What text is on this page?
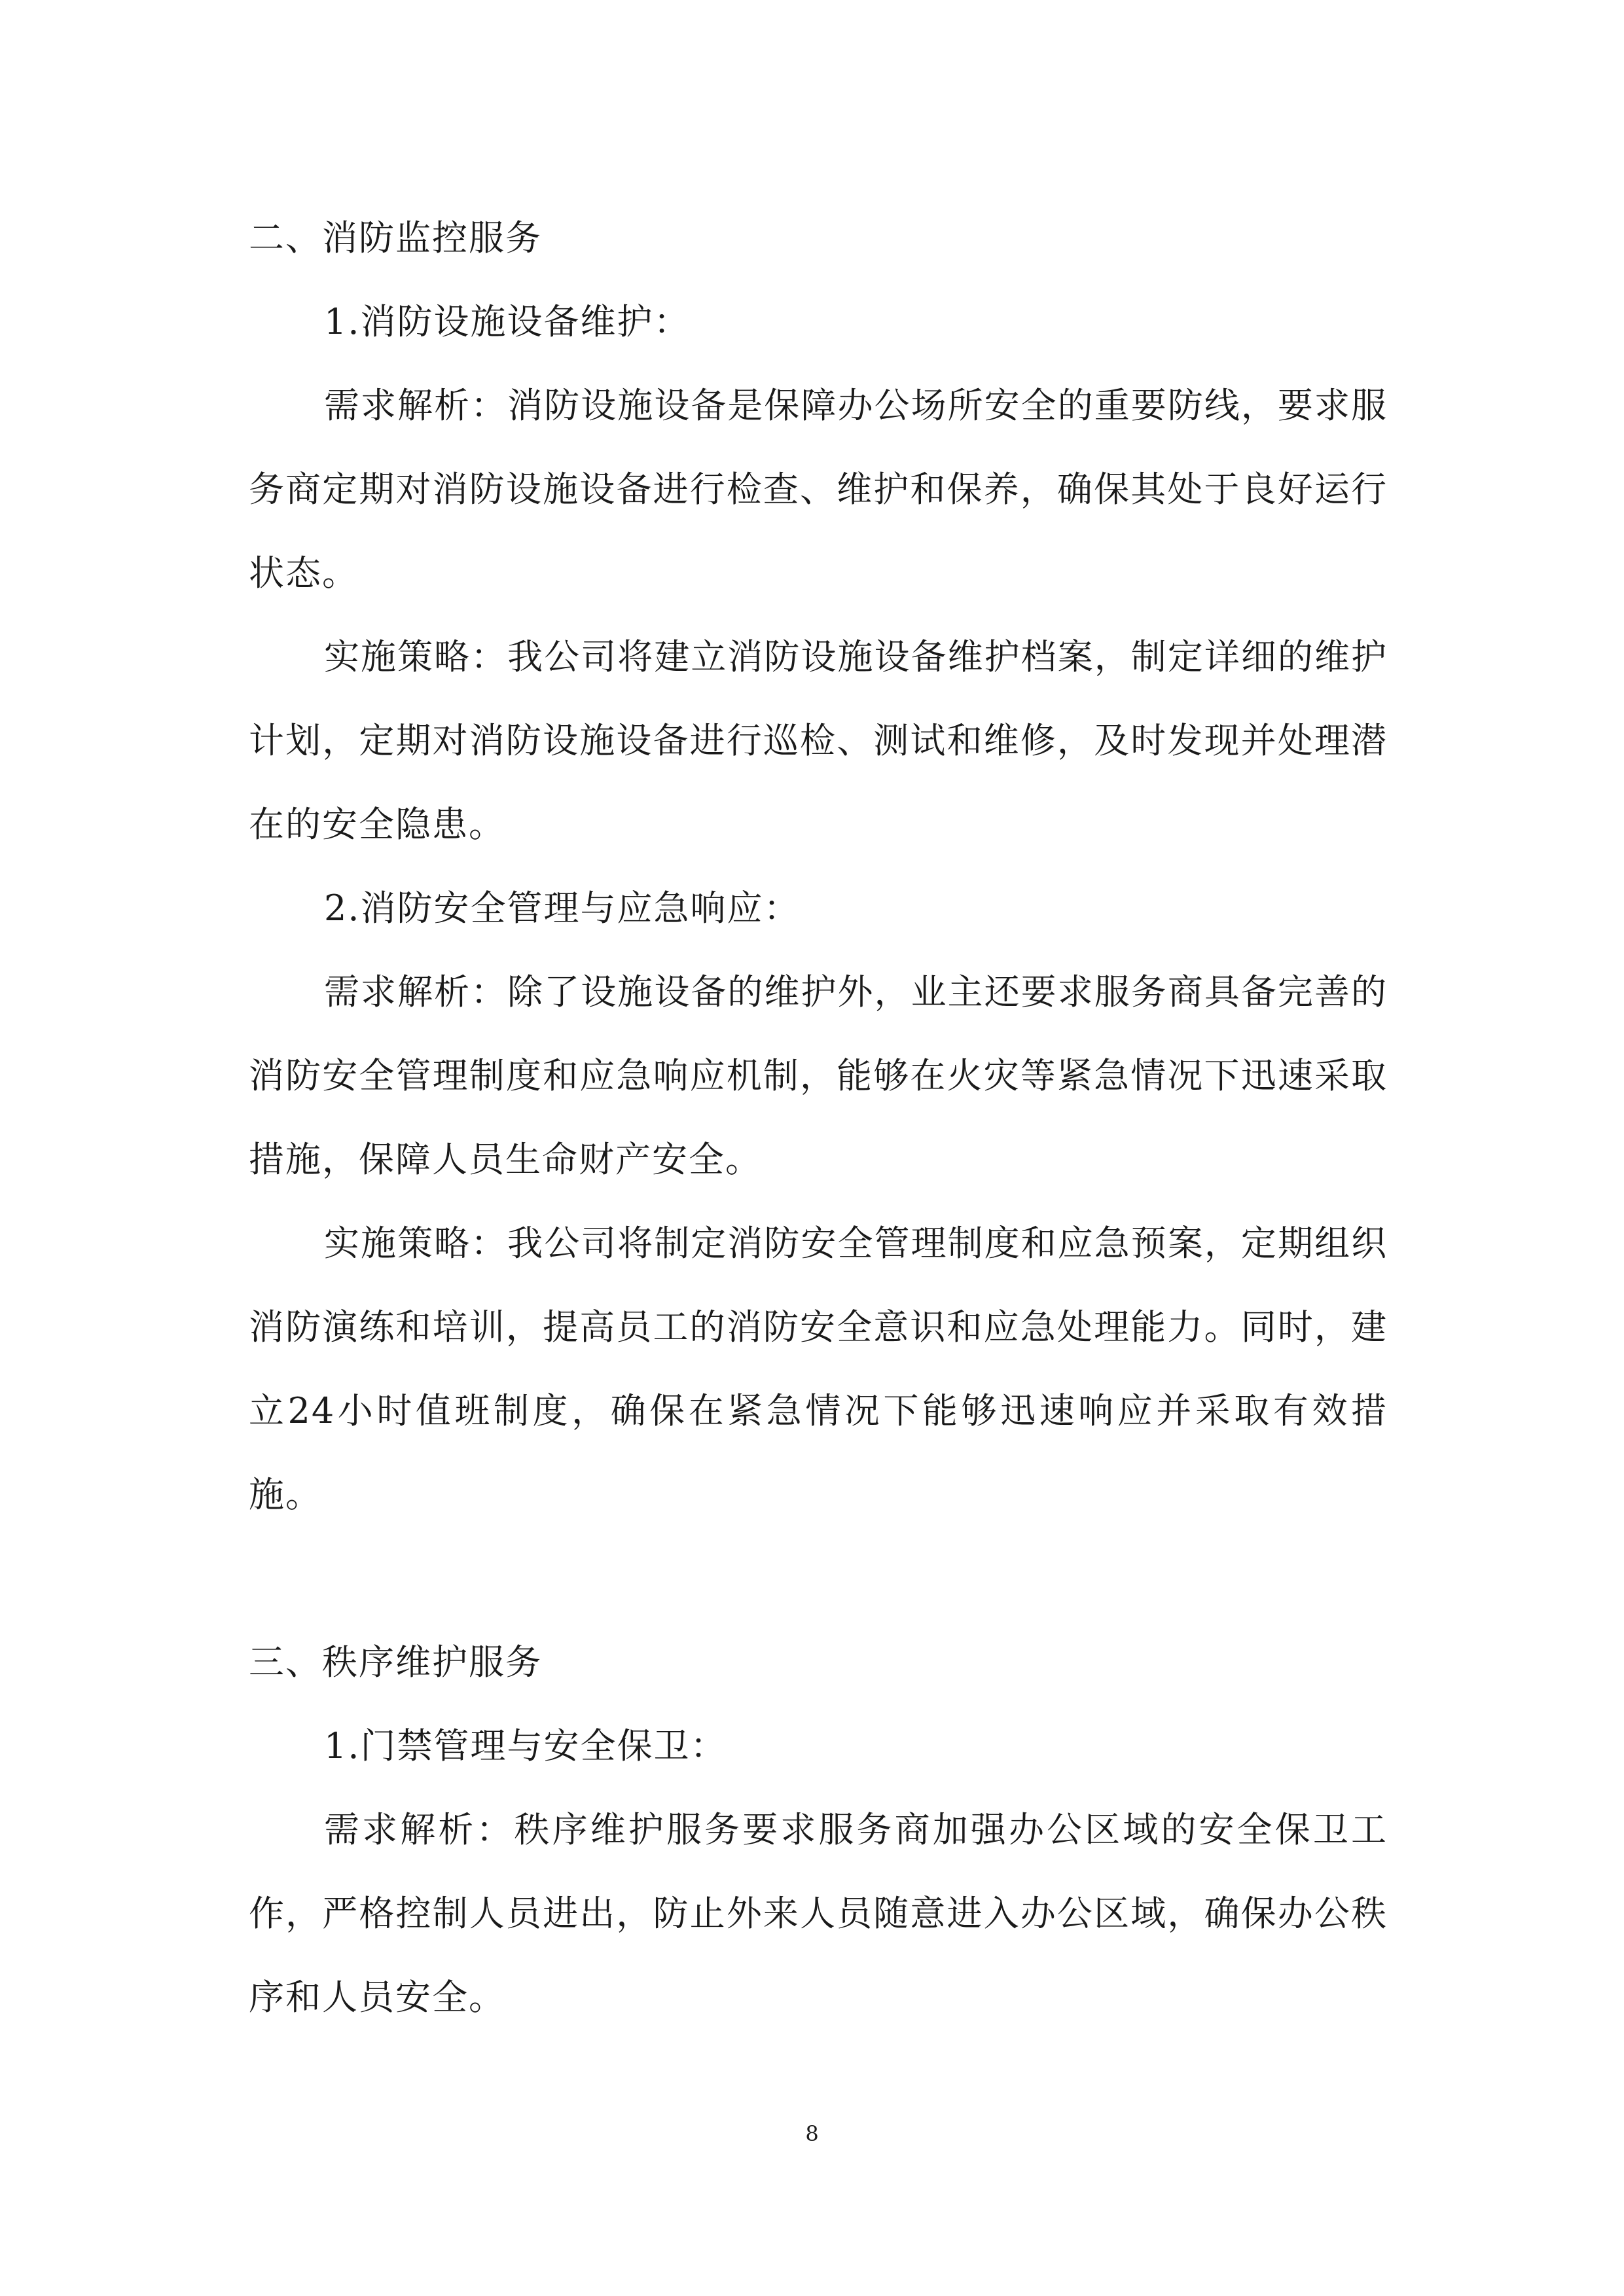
二、消防监控服务

1.消防设施设备维护：

需求解析：消防设施设备是保障办公场所安全的重要防线，要求服务商定期对消防设施设备进行检查、维护和保养，确保其处于良好运行状态。

实施策略：我公司将建立消防设施设备维护档案，制定详细的维护计划，定期对消防设施设备进行巡检、测试和维修，及时发现并处理潜在的安全隐患。

2.消防安全管理与应急响应：

需求解析：除了设施设备的维护外，业主还要求服务商具备完善的消防安全管理制度和应急响应机制，能够在火灾等紧急情况下迅速采取措施，保障人员生命财产安全。

实施策略：我公司将制定消防安全管理制度和应急预案，定期组织消防演练和培训，提高员工的消防安全意识和应急处理能力。同时，建立24小时值班制度，确保在紧急情况下能够迅速响应并采取有效措施。

三、秩序维护服务

1.门禁管理与安全保卫：

需求解析：秩序维护服务要求服务商加强办公区域的安全保卫工作，严格控制人员进出，防止外来人员随意进入办公区域，确保办公秩序和人员安全。

8
